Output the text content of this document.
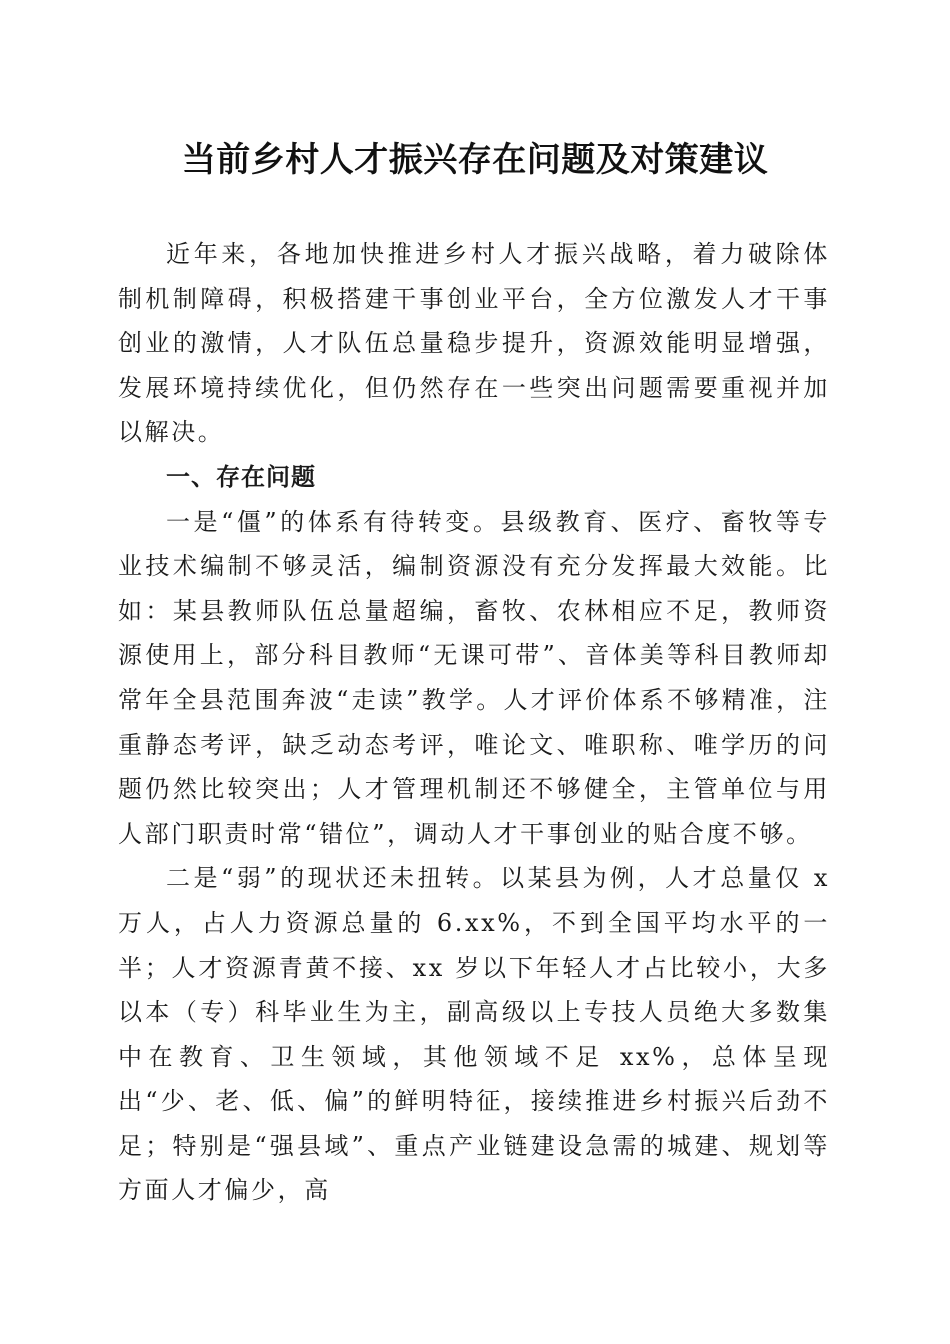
当前乡村人才振兴存在问题及对策建议

近年来，各地加快推进乡村人才振兴战略，着力破除体制机制障碍，积极搭建干事创业平台，全方位激发人才干事创业的激情，人才队伍总量稳步提升，资源效能明显增强，发展环境持续优化，但仍然存在一些突出问题需要重视并加以解决。

一、存在问题

一是“僵”的体系有待转变。县级教育、医疗、畜牧等专业技术编制不够灵活，编制资源没有充分发挥最大效能。比如：某县教师队伍总量超编，畜牧、农林相应不足，教师资源使用上，部分科目教师“无课可带”、音体美等科目教师却常年全县范围奔波“走读”教学。人才评价体系不够精准，注重静态考评，缺乏动态考评，唯论文、唯职称、唯学历的问题仍然比较突出；人才管理机制还不够健全，主管单位与用人部门职责时常“错位”，调动人才干事创业的贴合度不够。

二是“弱”的现状还未扭转。以某县为例，人才总量仅 x 万人，占人力资源总量的 6.xx%，不到全国平均水平的一半；人才资源青黄不接、xx 岁以下年轻人才占比较小，大多以本（专）科毕业生为主，副高级以上专技人员绝大多数集中在教育、卫生领域，其他领域不足 xx%，总体呈现出“少、老、低、偏”的鲜明特征，接续推进乡村振兴后劲不足；特别是“强县域”、重点产业链建设急需的城建、规划等方面人才偏少，高
